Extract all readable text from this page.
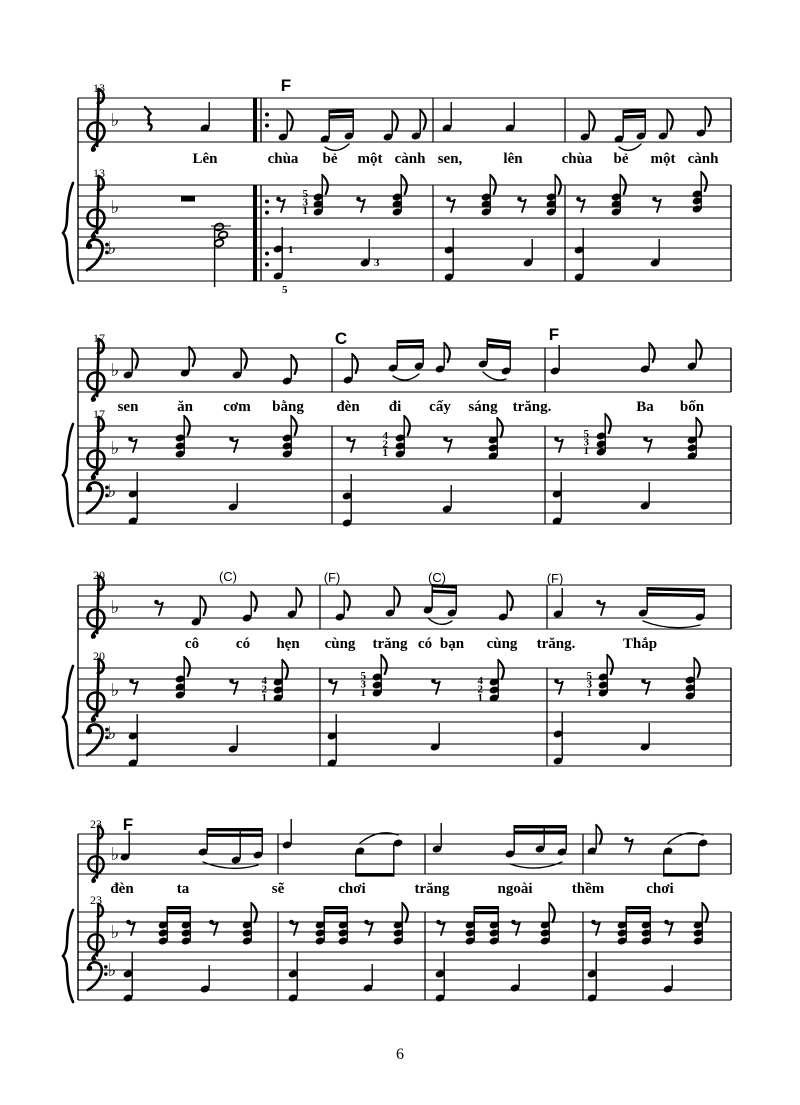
♭
♭
♭
13
13
F
Lên	chùa bẻ một cành sen,	lên	chùa bẻ một cành
5
3
1
1
5
3
♭
♭
♭
17
17
C	F
sen	ăn cơm bằng đèn đi cấy sáng trăng.	Ba bốn
4
2
1
5
3
1
♭
♭
♭
20
20
(C)	(F)	(C)	(F)
cô có hẹn cùng trăng có bạn cùng trăng.	Thắp
4
2
1
5
3
1
4
2
1
5
3
1
♭
♭
♭
23
23
F
đèn	ta	sẽ	chơi	trăng	ngoài	thềm	chơi
6
